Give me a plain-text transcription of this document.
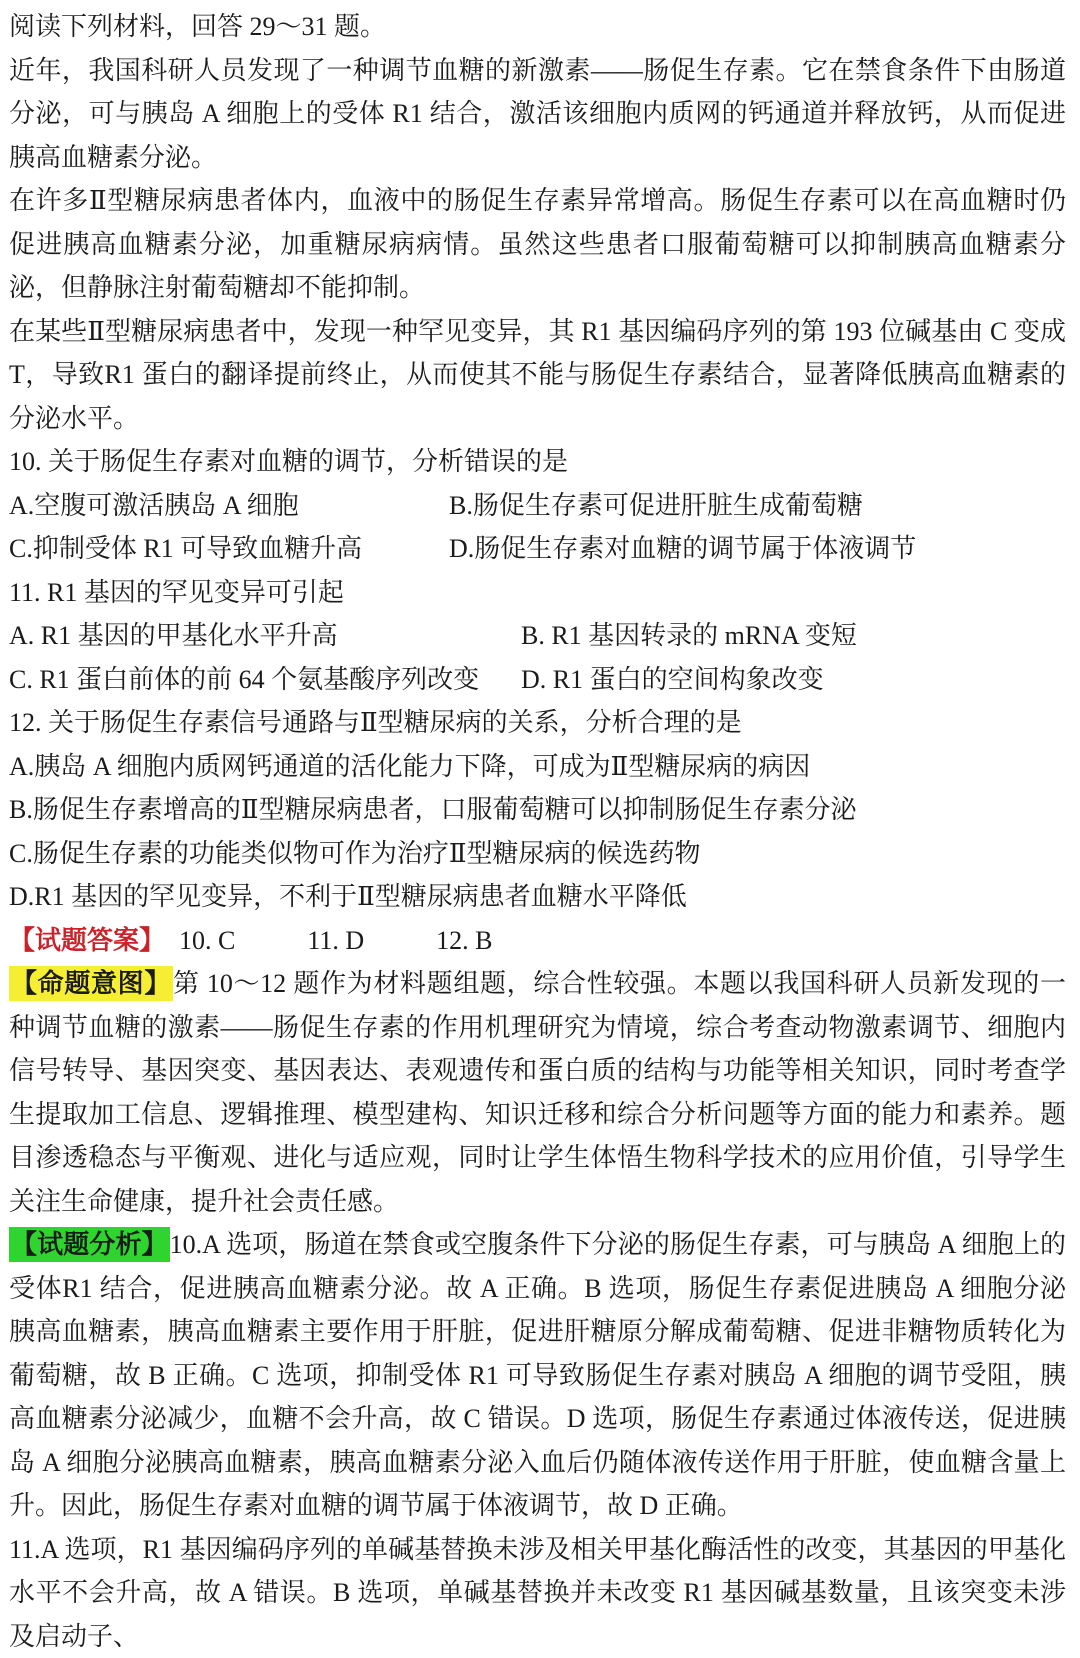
阅读下列材料，回答 29～31 题。

近年，我国科研人员发现了一种调节血糖的新激素——肠促生存素。它在禁食条件下由肠道分泌，可与胰岛 A 细胞上的受体 R1 结合，激活该细胞内质网的钙通道并释放钙，从而促进胰高血糖素分泌。

在许多Ⅱ型糖尿病患者体内，血液中的肠促生存素异常增高。肠促生存素可以在高血糖时仍促进胰高血糖素分泌，加重糖尿病病情。虽然这些患者口服葡萄糖可以抑制胰高血糖素分泌，但静脉注射葡萄糖却不能抑制。

在某些Ⅱ型糖尿病患者中，发现一种罕见变异，其 R1 基因编码序列的第 193 位碱基由 C 变成 T，导致R1 蛋白的翻译提前终止，从而使其不能与肠促生存素结合，显著降低胰高血糖素的分泌水平。

10. 关于肠促生存素对血糖的调节，分析错误的是

A.空腹可激活胰岛 A 细胞	B.肠促生存素可促进肝脏生成葡萄糖
C.抑制受体 R1 可导致血糖升高	D.肠促生存素对血糖的调节属于体液调节

11. R1 基因的罕见变异可引起

A. R1 基因的甲基化水平升高	B. R1 基因转录的 mRNA 变短
C. R1 蛋白前体的前 64 个氨基酸序列改变	D. R1 蛋白的空间构象改变

12. 关于肠促生存素信号通路与Ⅱ型糖尿病的关系，分析合理的是

A.胰岛 A 细胞内质网钙通道的活化能力下降，可成为Ⅱ型糖尿病的病因

B.肠促生存素增高的Ⅱ型糖尿病患者，口服葡萄糖可以抑制肠促生存素分泌

C.肠促生存素的功能类似物可作为治疗Ⅱ型糖尿病的候选药物

D.R1 基因的罕见变异，不利于Ⅱ型糖尿病患者血糖水平降低

【试题答案】 10. C	11. D	12. B

【命题意图】第 10～12 题作为材料题组题，综合性较强。本题以我国科研人员新发现的一种调节血糖的激素——肠促生存素的作用机理研究为情境，综合考查动物激素调节、细胞内信号转导、基因突变、基因表达、表观遗传和蛋白质的结构与功能等相关知识，同时考查学生提取加工信息、逻辑推理、模型建构、知识迁移和综合分析问题等方面的能力和素养。题目渗透稳态与平衡观、进化与适应观，同时让学生体悟生物科学技术的应用价值，引导学生关注生命健康，提升社会责任感。

【试题分析】10.A 选项，肠道在禁食或空腹条件下分泌的肠促生存素，可与胰岛 A 细胞上的受体R1 结合，促进胰高血糖素分泌。故 A 正确。B 选项，肠促生存素促进胰岛 A 细胞分泌胰高血糖素，胰高血糖素主要作用于肝脏，促进肝糖原分解成葡萄糖、促进非糖物质转化为葡萄糖，故 B 正确。C 选项，抑制受体 R1 可导致肠促生存素对胰岛 A 细胞的调节受阻，胰高血糖素分泌减少，血糖不会升高，故 C 错误。D 选项，肠促生存素通过体液传送，促进胰岛 A 细胞分泌胰高血糖素，胰高血糖素分泌入血后仍随体液传送作用于肝脏，使血糖含量上升。因此，肠促生存素对血糖的调节属于体液调节，故 D 正确。

11.A 选项，R1 基因编码序列的单碱基替换未涉及相关甲基化酶活性的改变，其基因的甲基化水平不会升高，故 A 错误。B 选项，单碱基替换并未改变 R1 基因碱基数量，且该突变未涉及启动子、
